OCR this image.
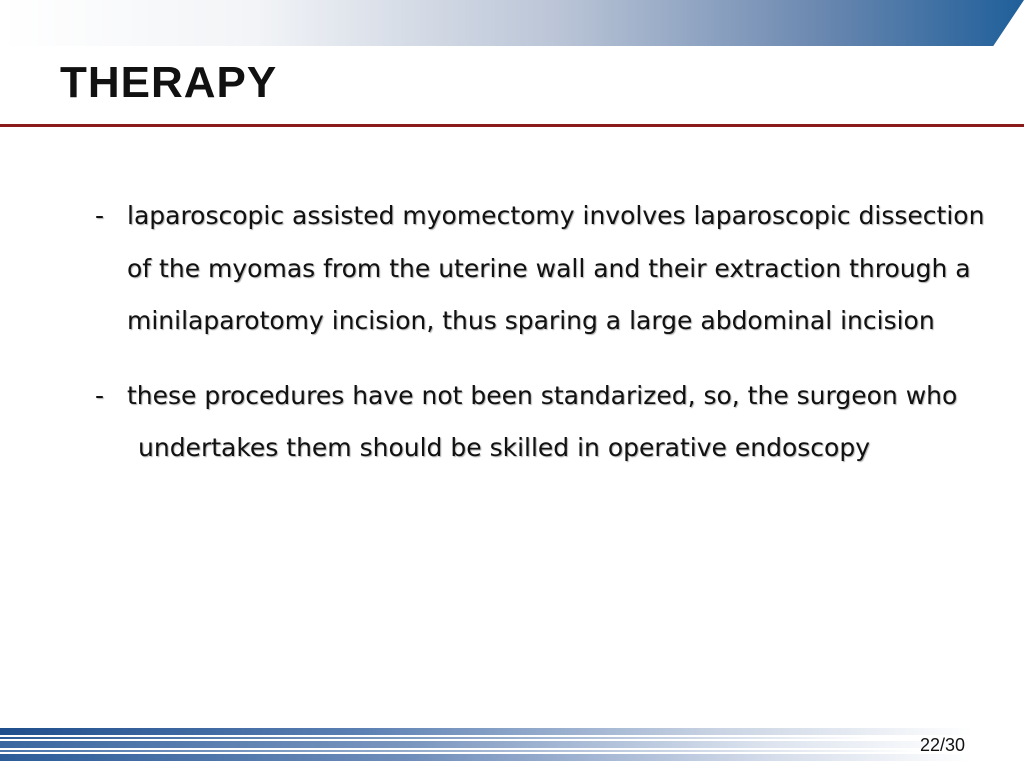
THERAPY
- laparoscopic assisted myomectomy involves laparoscopic dissection of the myomas from the uterine wall and their extraction through a minilaparotomy incision, thus sparing a large abdominal incision
- these procedures have not been standarized, so, the surgeon who undertakes them should be skilled in operative endoscopy
22/30
